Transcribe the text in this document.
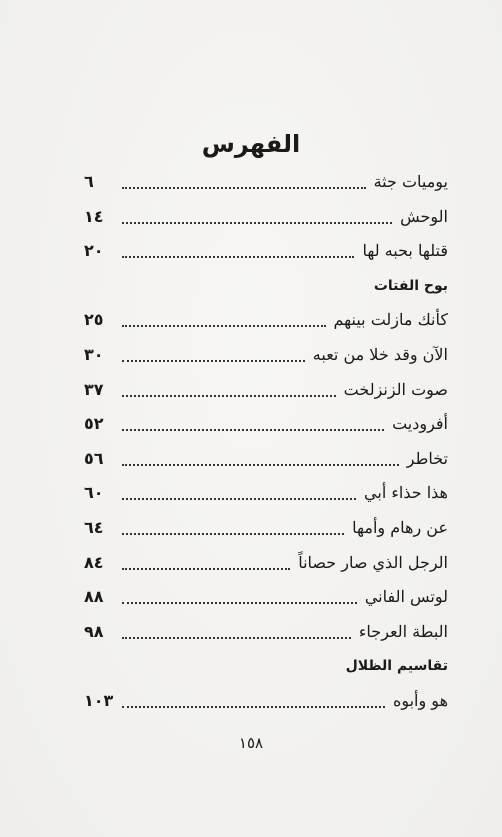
الفهرس
يوميات جثة
٦
الوحش
١٤
قتلها بحبه لها
٢٠
بوح الفتات
كأنك مازلت بينهم
٢٥
الآن وقد خلا من تعبه
٣٠
صوت الزنزلخت
٣٧
أفروديت
٥٢
تخاطر
٥٦
هذا حذاء أبي
٦٠
عن رهام وأمها
٦٤
الرجل الذي صار حصاناً
٨٤
لوتس الفاني
٨٨
البطة العرجاء
٩٨
تقاسيم الظلال
هو وأبوه
١٠٣
١٥٨
